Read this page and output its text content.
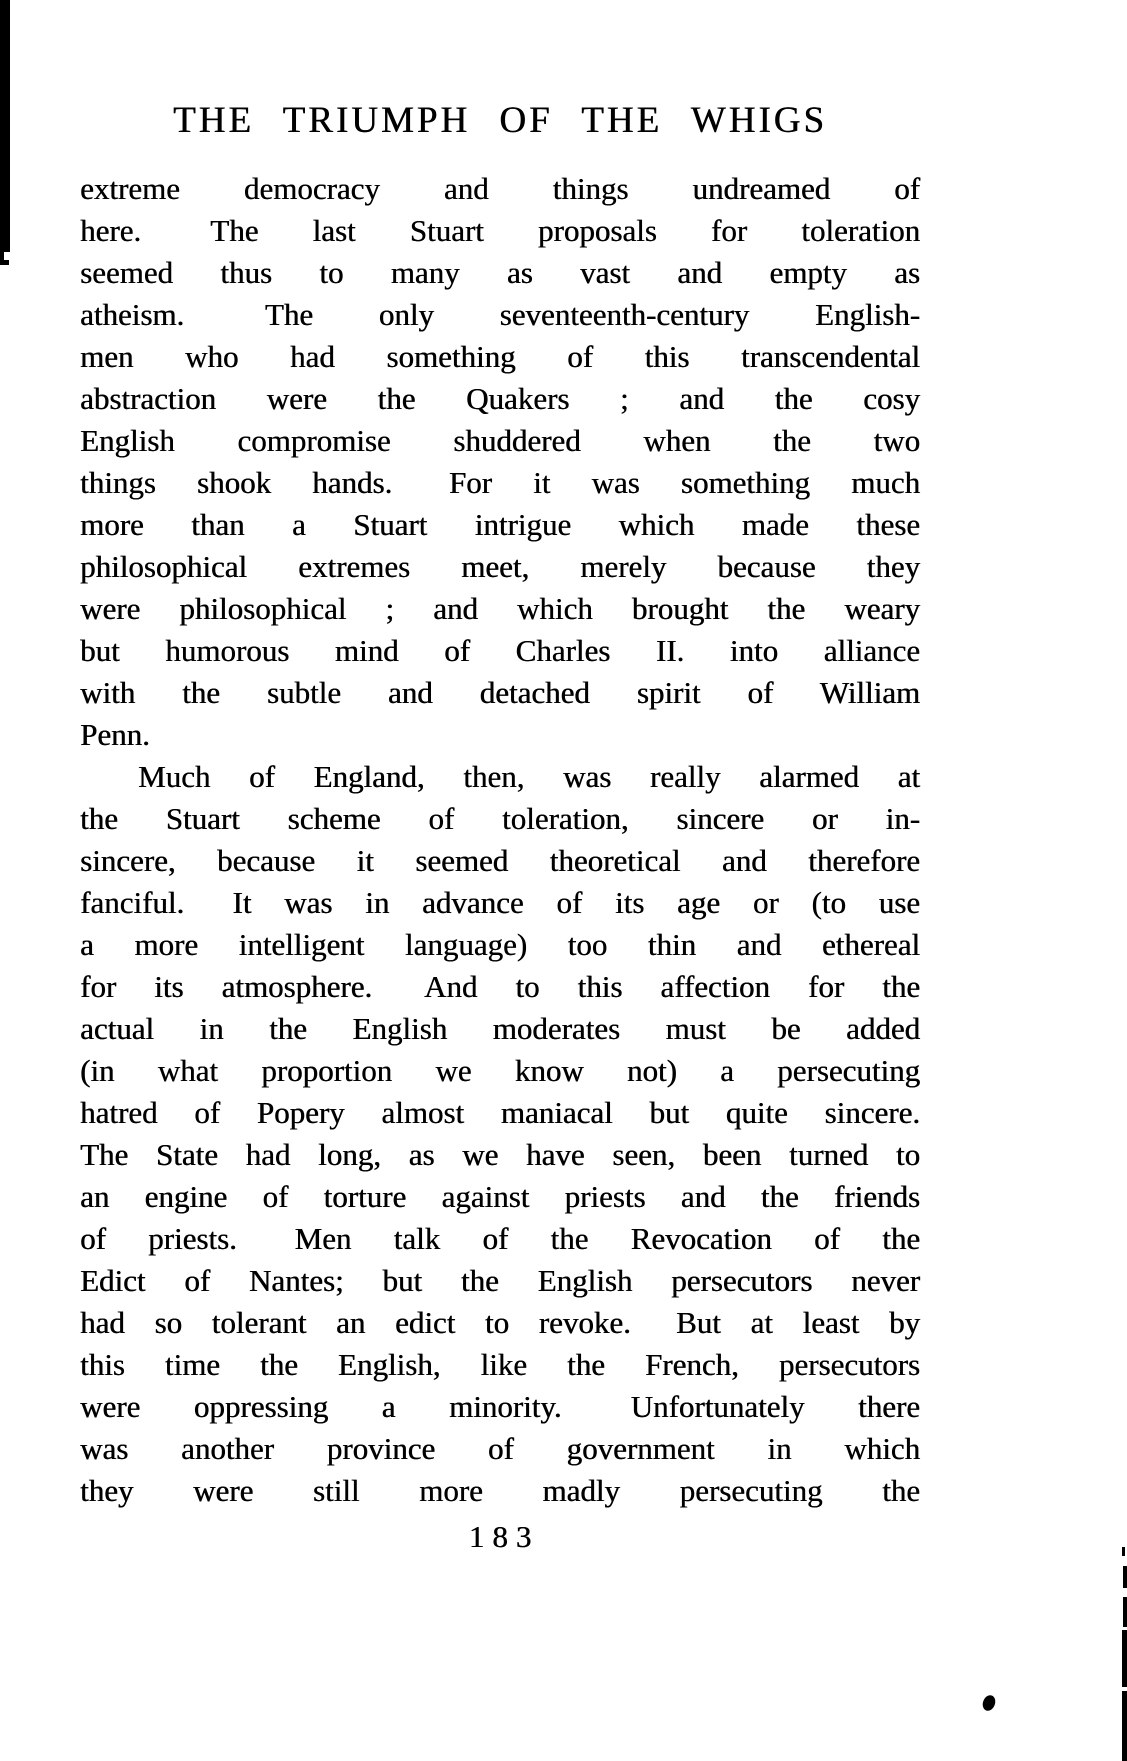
THE TRIUMPH OF THE WHIGS
extreme democracy and things undreamed of
here.  The last Stuart proposals for toleration
seemed thus to many as vast and empty as
atheism.  The only seventeenth-century English-
men who had something of this transcendental
abstraction were the Quakers ; and the cosy
English compromise shuddered when the two
things shook hands.  For it was something much
more than a Stuart intrigue which made these
philosophical extremes meet, merely because they
were philosophical ; and which brought the weary
but humorous mind of Charles II. into alliance
with the subtle and detached spirit of William
Penn.
Much of England, then, was really alarmed at
the Stuart scheme of toleration, sincere or in-
sincere, because it seemed theoretical and therefore
fanciful.  It was in advance of its age or (to use
a more intelligent language) too thin and ethereal
for its atmosphere.  And to this affection for the
actual in the English moderates must be added
(in what proportion we know not) a persecuting
hatred of Popery almost maniacal but quite sincere.
The State had long, as we have seen, been turned to
an engine of torture against priests and the friends
of priests.  Men talk of the Revocation of the
Edict of Nantes; but the English persecutors never
had so tolerant an edict to revoke.  But at least by
this time the English, like the French, persecutors
were oppressing a minority.  Unfortunately there
was another province of government in which
they were still more madly persecuting the
183
